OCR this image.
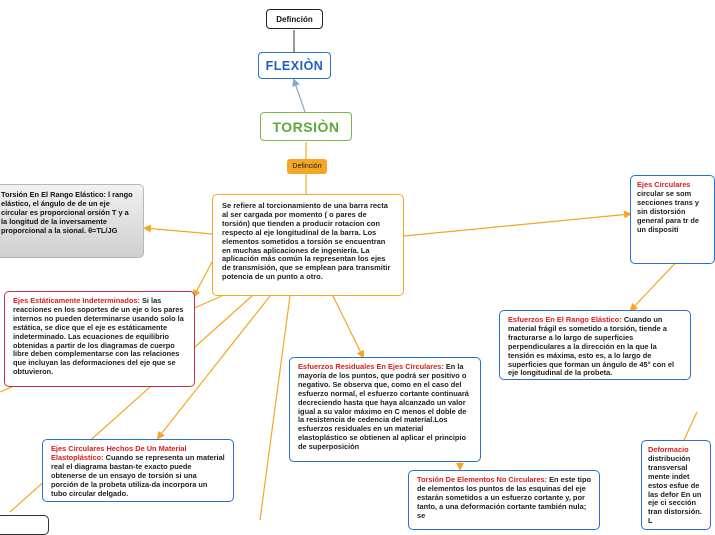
Definción
FLEXIÒN
TORSIÒN
Definción
Se refiere al torcionamiento de una barra recta al ser cargada por momento ( o pares de torsión) que tienden a producir rotacion con respecto al eje longitudinal de la barra. Los elementos sometidos a torsión se encuentran en muchas aplicaciones de ingeniería. La aplicación más común la representan los ejes de transmisión, que se emplean para transmitir potencia de un punto a otro.
Torsión En El Rango Elástico: l rango elástico, el ángulo de de un eje circular es proporcional orsión T y a la longitud de la inversamente proporcional a la sional. θ=TL/JG
Ejes Estáticamente Indeterminados: Si las reacciones en los soportes de un eje o los pares internos no pueden determinarse usando solo la estática, se dice que el eje es estáticamente indeterminado. Las ecuaciones de equilibrio obtenidas a partir de los diagramas de cuerpo libre deben complementarse con las relaciones que incluyan las deformaciones del eje que se obtuvieron.
Ejes Circulares Hechos De Un Material Elastoplástico: Cuando se representa un material real el diagrama bastan-te exacto puede obtenerse de un ensayo de torsión si una porción de la probeta utiliza-da incorpora un tubo circular delgado.
Esfuerzos Residuales En Ejes Circulares: En la mayoría de los puntos, que podrá ser positivo o negativo. Se observa que, como en el caso del esfuerzo normal, el esfuerzo cortante continuará decreciendo hasta que haya alcanzado un valor igual a su valor máximo en C menos el doble de la resistencia de cedencia del material.Los esfuerzos residuales en un material elastoplástico se obtienen al aplicar el principio de superposición
Torsión De Elementos No Circulares: En este tipo de elementos los puntos de las esquinas del eje estarán sometidos a un esfuerzo cortante y, por tanto, a una deformación cortante también nula; se
Ejes Circulares circular se som secciones trans y sin distorsión general para tr de un dispositi
Esfuerzos En El Rango Elástico: Cuando un material frágil es sometido a torsión, tiende a fracturarse a lo largo de superficies perpendiculares a la dirección en la que la tensión es máxima, esto es, a lo largo de superficies que forman un ángulo de 45° con el eje longitudinal de la probeta.
Deformacio distribución transversal mente indet estos esfue de las defor En un eje ci sección tran distorsión. L
